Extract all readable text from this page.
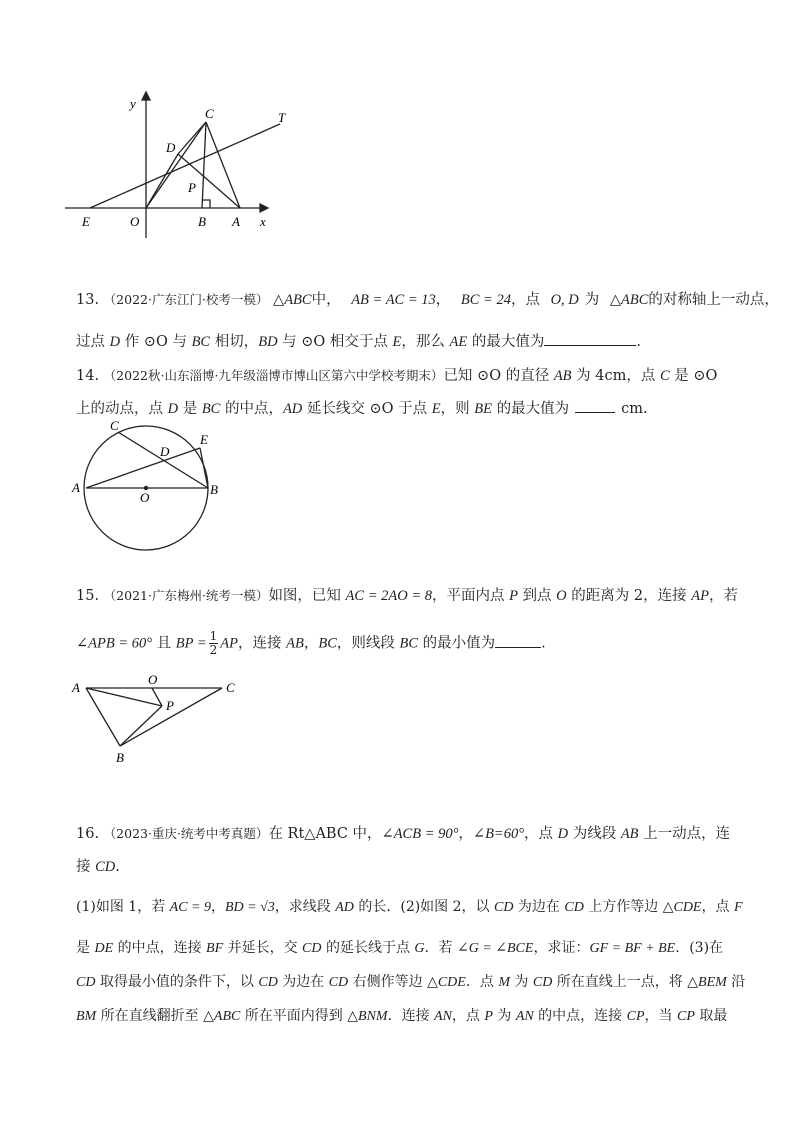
y
T
C
D
P
E	O	B A x
13. （2022·广东江门·校考一模） △ABC中， AB = AC = 13， BC = 24，点 O, D 为 △ABC的对称轴上一动点，
过点 D 作 ⊙O 与 BC 相切，BD 与 ⊙O 相交于点 E，那么 AE 的最大值为	.
14. （2022秋·山东淄博·九年级淄博市博山区第六中学校考期末）已知 ⊙O 的直径 AB 为 4cm，点 C 是 ⊙O
上的动点，点 D 是 BC 的中点，AD 延长线交 ⊙O 于点 E，则 BE 的最大值为	cm.
C
D
E
A
O
B
15. （2021·广东梅州·统考一模）如图，已知 AC = 2AO = 8，平面内点 P 到点 O 的距离为 2，连接 AP，若
∠APB = 60° 且 BP = $\frac{1}{2}$ AP，连接 AB，BC，则线段 BC 的最小值为	.
A
O
C
P
B
16. （2023·重庆·统考中考真题）在 Rt△ABC 中，∠ACB = 90°，∠B=60°，点 D 为线段 AB 上一动点，连
接 CD.
(1)如图 1，若 AC = 9，BD = √3，求线段 AD 的长．(2)如图 2，以 CD 为边在 CD 上方作等边 △CDE，点 F
是 DE 的中点，连接 BF 并延长，交 CD 的延长线于点 G．若 ∠G = ∠BCE，求证：GF = BF + BE．(3)在
CD 取得最小值的条件下，以 CD 为边在 CD 右侧作等边 △CDE．点 M 为 CD 所在直线上一点，将 △BEM 沿
BM 所在直线翻折至 △ABC 所在平面内得到 △BNM．连接 AN，点 P 为 AN 的中点，连接 CP，当 CP 取最
